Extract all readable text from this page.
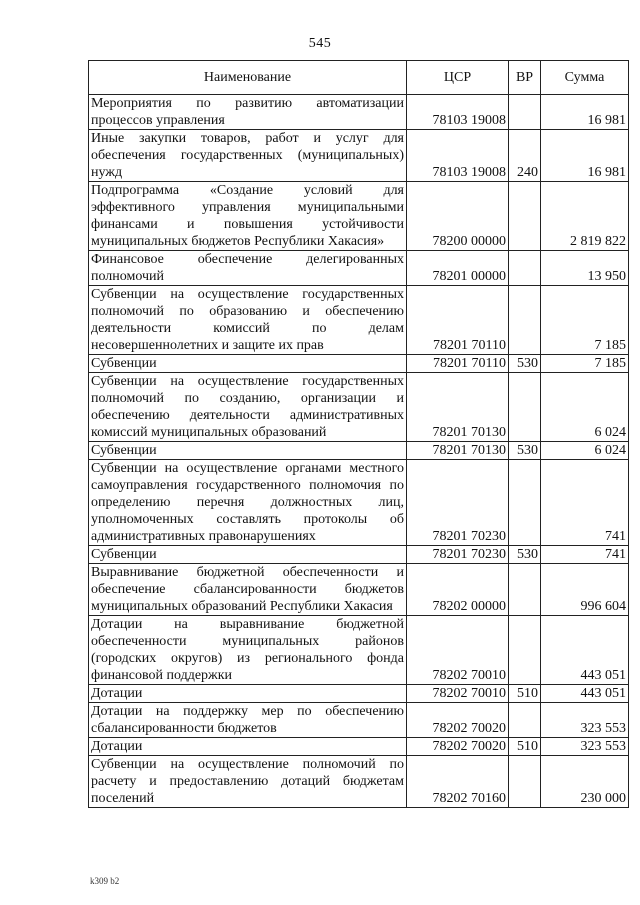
545
Наименование	ЦСР	ВР	Сумма
Мероприятия по развитию автоматизации процессов управления	78103 19008		16 981
Иные закупки товаров, работ и услуг для обеспечения государственных (муниципальных) нужд	78103 19008	240	16 981
Подпрограмма «Создание условий для эффективного управления муниципальными финансами и повышения устойчивости муниципальных бюджетов Республики Хакасия»	78200 00000		2 819 822
Финансовое обеспечение делегированных полномочий	78201 00000		13 950
Субвенции на осуществление государственных полномочий по образованию и обеспечению деятельности комиссий по делам несовершеннолетних и защите их прав	78201 70110		7 185
Субвенции	78201 70110	530	7 185
Субвенции на осуществление государственных полномочий по созданию, организации и обеспечению деятельности административных комиссий муниципальных образований	78201 70130		6 024
Субвенции	78201 70130	530	6 024
Субвенции на осуществление органами местного самоуправления государственного полномочия по определению перечня должностных лиц, уполномоченных составлять протоколы об административных правонарушениях	78201 70230		741
Субвенции	78201 70230	530	741
Выравнивание бюджетной обеспеченности и обеспечение сбалансированности бюджетов муниципальных образований Республики Хакасия	78202 00000		996 604
Дотации на выравнивание бюджетной обеспеченности муниципальных районов (городских округов) из регионального фонда финансовой поддержки	78202 70010		443 051
Дотации	78202 70010	510	443 051
Дотации на поддержку мер по обеспечению сбалансированности бюджетов	78202 70020		323 553
Дотации	78202 70020	510	323 553
Субвенции на осуществление полномочий по расчету и предоставлению дотаций бюджетам поселений	78202 70160		230 000
k309 b2
